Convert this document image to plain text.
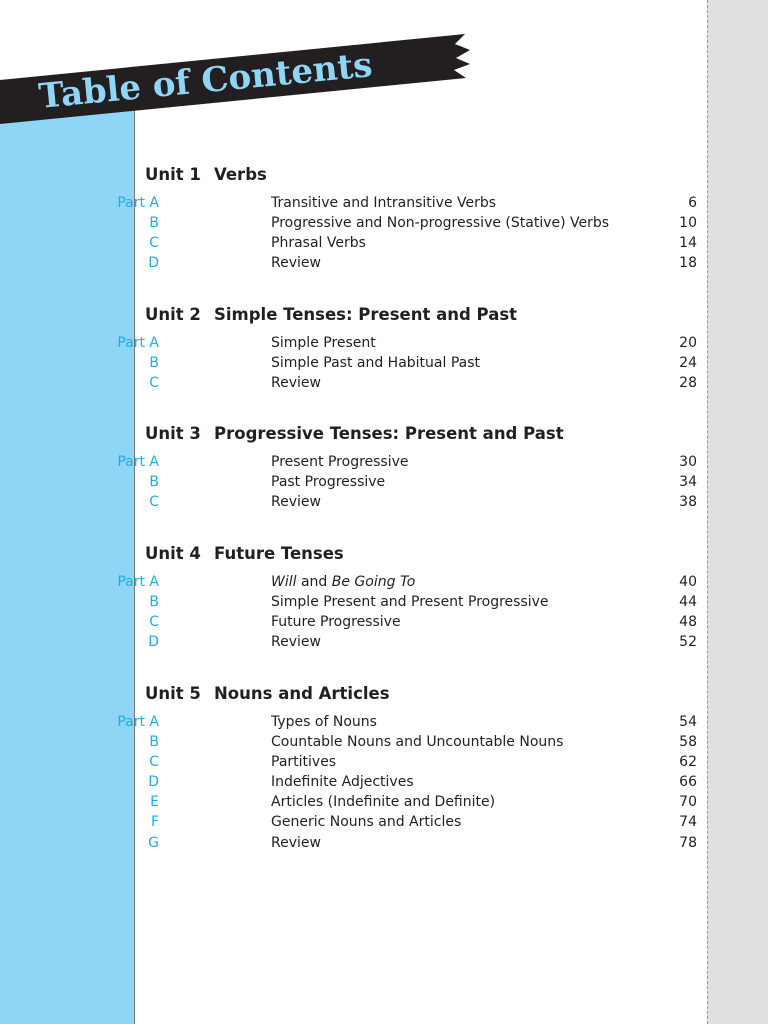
Table of Contents
Unit 1 Verbs
Part A	Transitive and Intransitive Verbs	6
B	Progressive and Non-progressive (Stative) Verbs	10
C	Phrasal Verbs	14
D	Review	18
Unit 2 Simple Tenses: Present and Past
Part A	Simple Present	20
B	Simple Past and Habitual Past	24
C	Review	28
Unit 3 Progressive Tenses: Present and Past
Part A	Present Progressive	30
B	Past Progressive	34
C	Review	38
Unit 4 Future Tenses
Part A	Will and Be Going To	40
B	Simple Present and Present Progressive	44
C	Future Progressive	48
D	Review	52
Unit 5 Nouns and Articles
Part A	Types of Nouns	54
B	Countable Nouns and Uncountable Nouns	58
C	Partitives	62
D	Indefinite Adjectives	66
E	Articles (Indefinite and Definite)	70
F	Generic Nouns and Articles	74
G	Review	78
